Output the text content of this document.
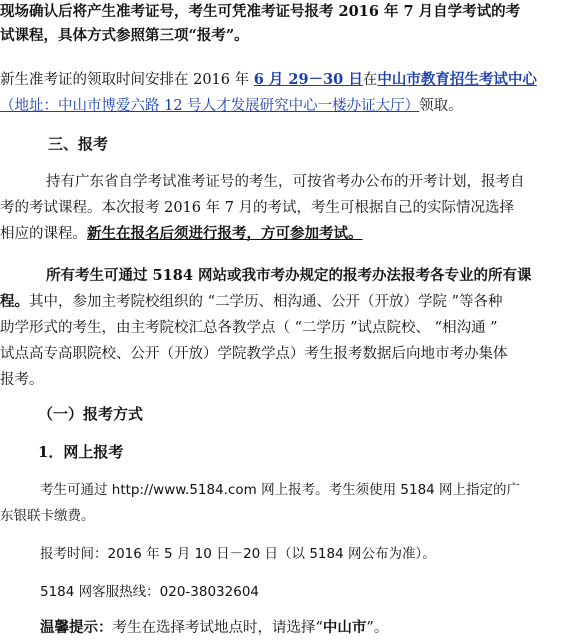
现场确认后将产生准考证号，考生可凭准考证号报考 2016 年 7 月自学考试的考
试课程，具体方式参照第三项“报考”。
新生准考证的领取时间安排在 2016 年 6 月 29－30 日在中山市教育招生考试中心
（地址：中山市博爱六路 12 号人才发展研究中心一楼办证大厅）领取。
三、报考
持有广东省自学考试准考证号的考生，可按省考办公布的开考计划，报考自
考的考试课程。本次报考 2016 年 7 月的考试，考生可根据自己的实际情况选择
相应的课程。新生在报名后须进行报考，方可参加考试。
所有考生可通过 5184 网站或我市考办规定的报考办法报考各专业的所有课
程。其中，参加主考院校组织的 “二学历、相沟通、公开（开放）学院 ”等各种
助学形式的考生，由主考院校汇总各教学点（ “二学历 ”试点院校、 “相沟通 ”
试点高专高职院校、公开（开放）学院教学点）考生报考数据后向地市考办集体
报考。
（一）报考方式
1．网上报考
考生可通过 http://www.5184.com 网上报考。考生须使用 5184 网上指定的广
东银联卡缴费。
报考时间：2016 年 5 月 10 日－20 日（以 5184 网公布为准）。
5184 网客服热线：020-38032604
温馨提示：考生在选择考试地点时，请选择“中山市”。
